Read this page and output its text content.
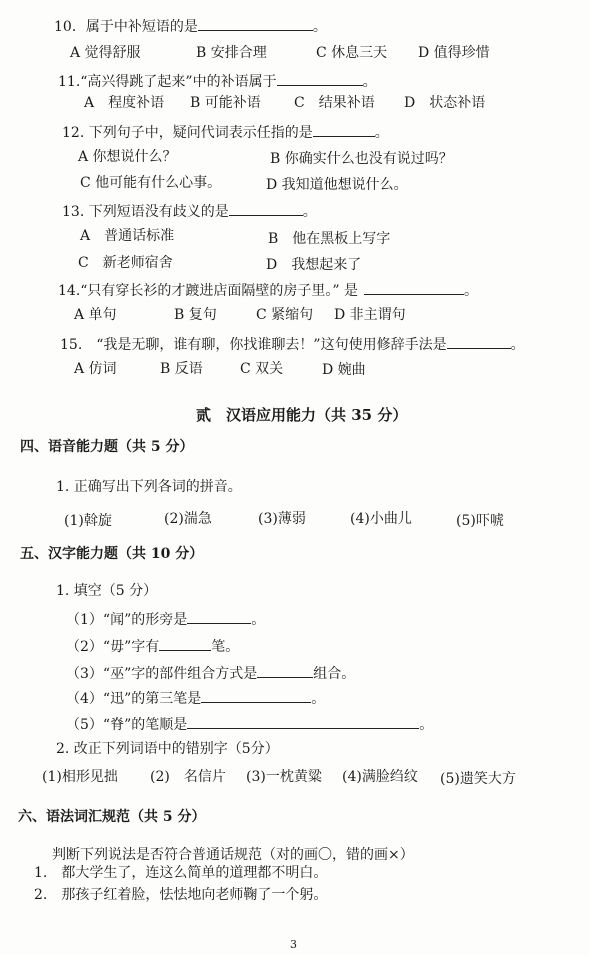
10．属于中补短语的是	。
A 觉得舒服	B 安排合理	C 休息三天 D 值得珍惜
11.“高兴得跳了起来”中的补语属于	。
A　程度补语 B 可能补语 C　结果补语 D　状态补语
12. 下列句子中，疑问代词表示任指的是	。
A 你想说什么？	B 你确实什么也没有说过吗？
C 他可能有什么心事。	D 我知道他想说什么。
13. 下列短语没有歧义的是	。
A　普通话标准	B　他在黑板上写字
C　新老师宿舍	D　我想起来了
14.“只有穿长衫的才踱进店面隔壁的房子里。” 是	。
A 单句	B 复句	C 紧缩句 D 非主谓句
15.　“我是无聊，谁有聊，你找谁聊去！”这句使用修辞手法是	。
A 仿词	B 反语	C 双关	D 婉曲
贰　汉语应用能力（共 35 分）
四、语音能力题（共 5 分）
1. 正确写出下列各词的拼音。
(1)斡旋	(2)湍急	(3)薄弱	(4)小曲儿	(5)吓唬
五、汉字能力题（共 10 分）
1. 填空（5 分）
（1）“闻”的形旁是	。
（2）“毋”字有	笔。
（3）“巫”字的部件组合方式是	组合。
（4）“迅”的第三笔是	。
（5）“脊”的笔顺是	。
2. 改正下列词语中的错别字（5分）
(1)相形见拙 (2)　名信片 (3)一枕黄粱 (4)满脸绉纹 (5)遗笑大方
六、语法词汇规范（共 5 分）
判断下列说法是否符合普通话规范（对的画〇，错的画×）
1.　都大学生了，连这么简单的道理都不明白。
2.　那孩子红着脸，怯怯地向老师鞠了一个躬。
3
